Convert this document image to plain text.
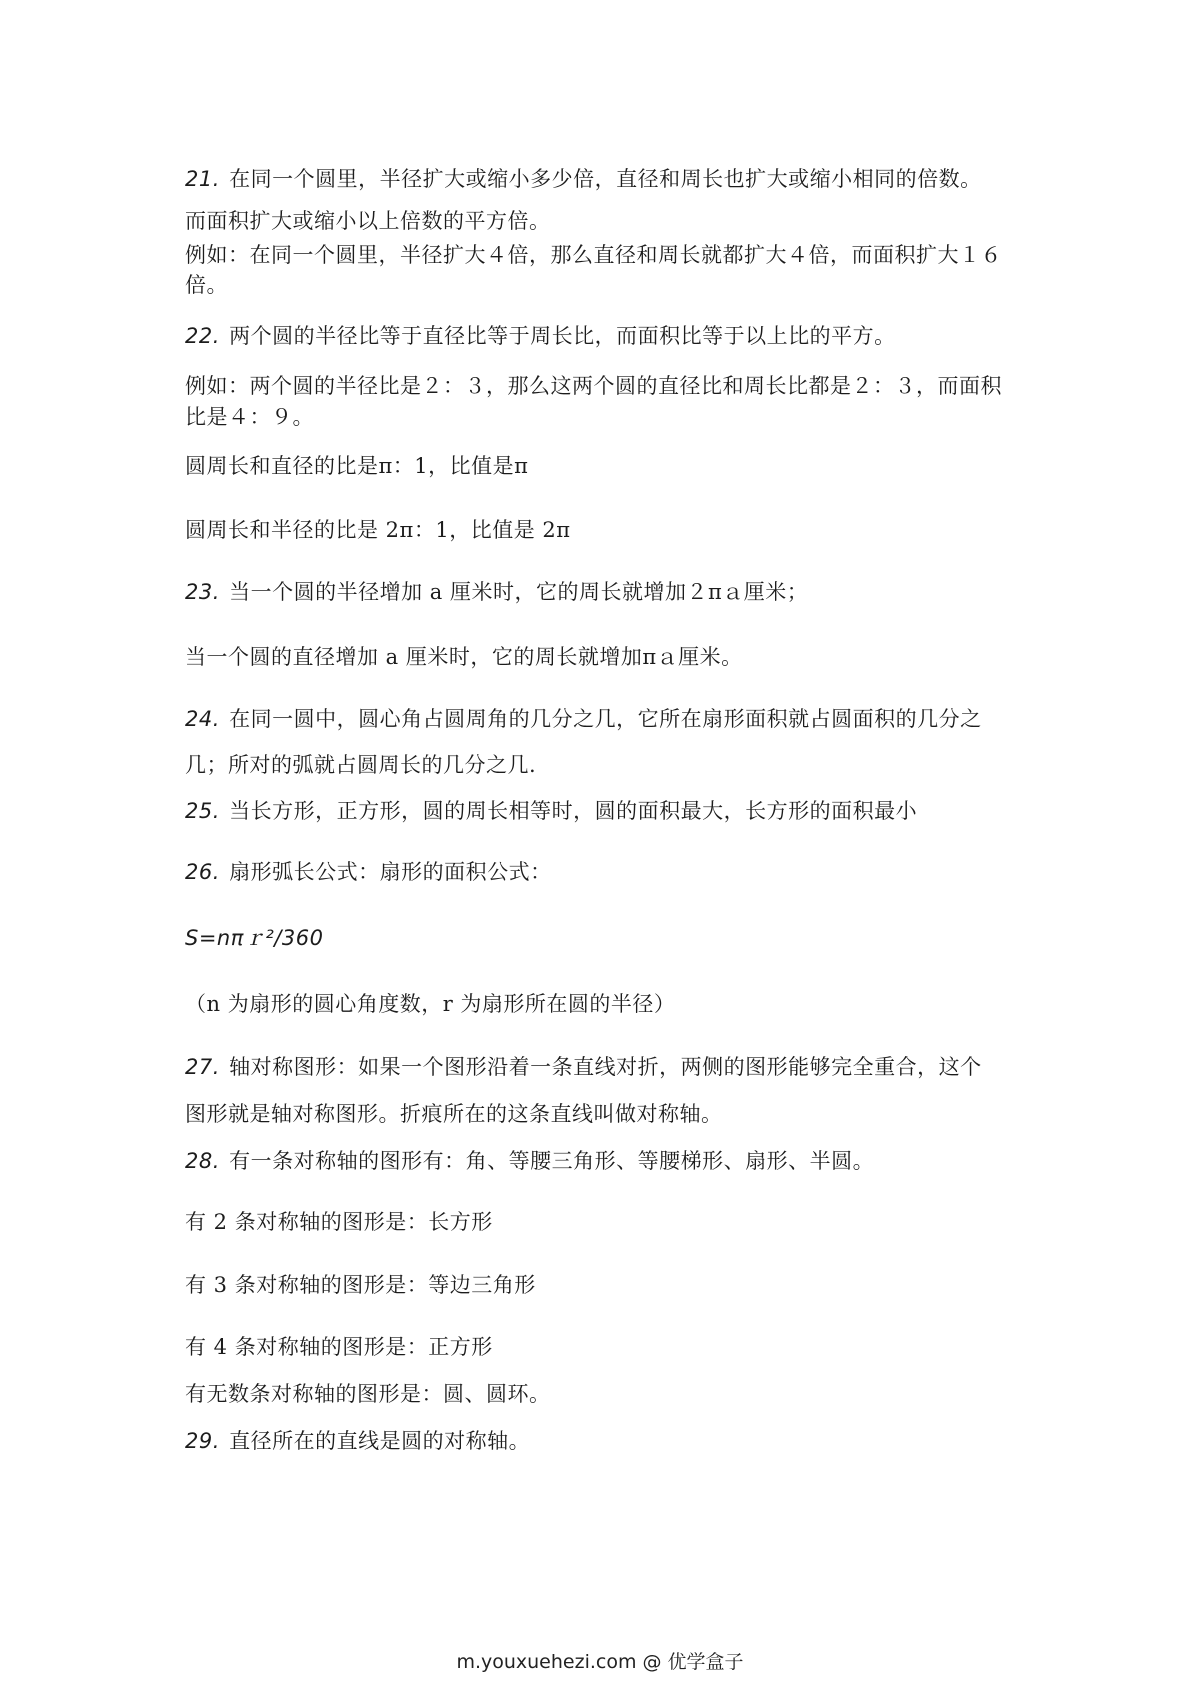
21. 在同一个圆里，半径扩大或缩小多少倍，直径和周长也扩大或缩小相同的倍数。
而面积扩大或缩小以上倍数的平方倍。
例如：在同一个圆里，半径扩大４倍，那么直径和周长就都扩大４倍，而面积扩大１６
倍。
22. 两个圆的半径比等于直径比等于周长比，而面积比等于以上比的平方。
例如：两个圆的半径比是２：３，那么这两个圆的直径比和周长比都是２：３，而面积
比是４：９。
圆周长和直径的比是π：1，比值是π
圆周长和半径的比是 2π：1，比值是 2π
23. 当一个圆的半径增加 a 厘米时，它的周长就增加２πａ厘米；
当一个圆的直径增加 a 厘米时，它的周长就增加πａ厘米。
24. 在同一圆中，圆心角占圆周角的几分之几，它所在扇形面积就占圆面积的几分之
几；所对的弧就占圆周长的几分之几.
25. 当长方形，正方形，圆的周长相等时，圆的面积最大，长方形的面积最小
26. 扇形弧长公式：扇形的面积公式：
S=nπｒ²/360
（n 为扇形的圆心角度数，r 为扇形所在圆的半径）
27. 轴对称图形：如果一个图形沿着一条直线对折，两侧的图形能够完全重合，这个
图形就是轴对称图形。折痕所在的这条直线叫做对称轴。
28. 有一条对称轴的图形有：角、等腰三角形、等腰梯形、扇形、半圆。
有 2 条对称轴的图形是：长方形
有 3 条对称轴的图形是：等边三角形
有 4 条对称轴的图形是：正方形
有无数条对称轴的图形是：圆、圆环。
29. 直径所在的直线是圆的对称轴。
m.youxuehezi.com @ 优学盒子
